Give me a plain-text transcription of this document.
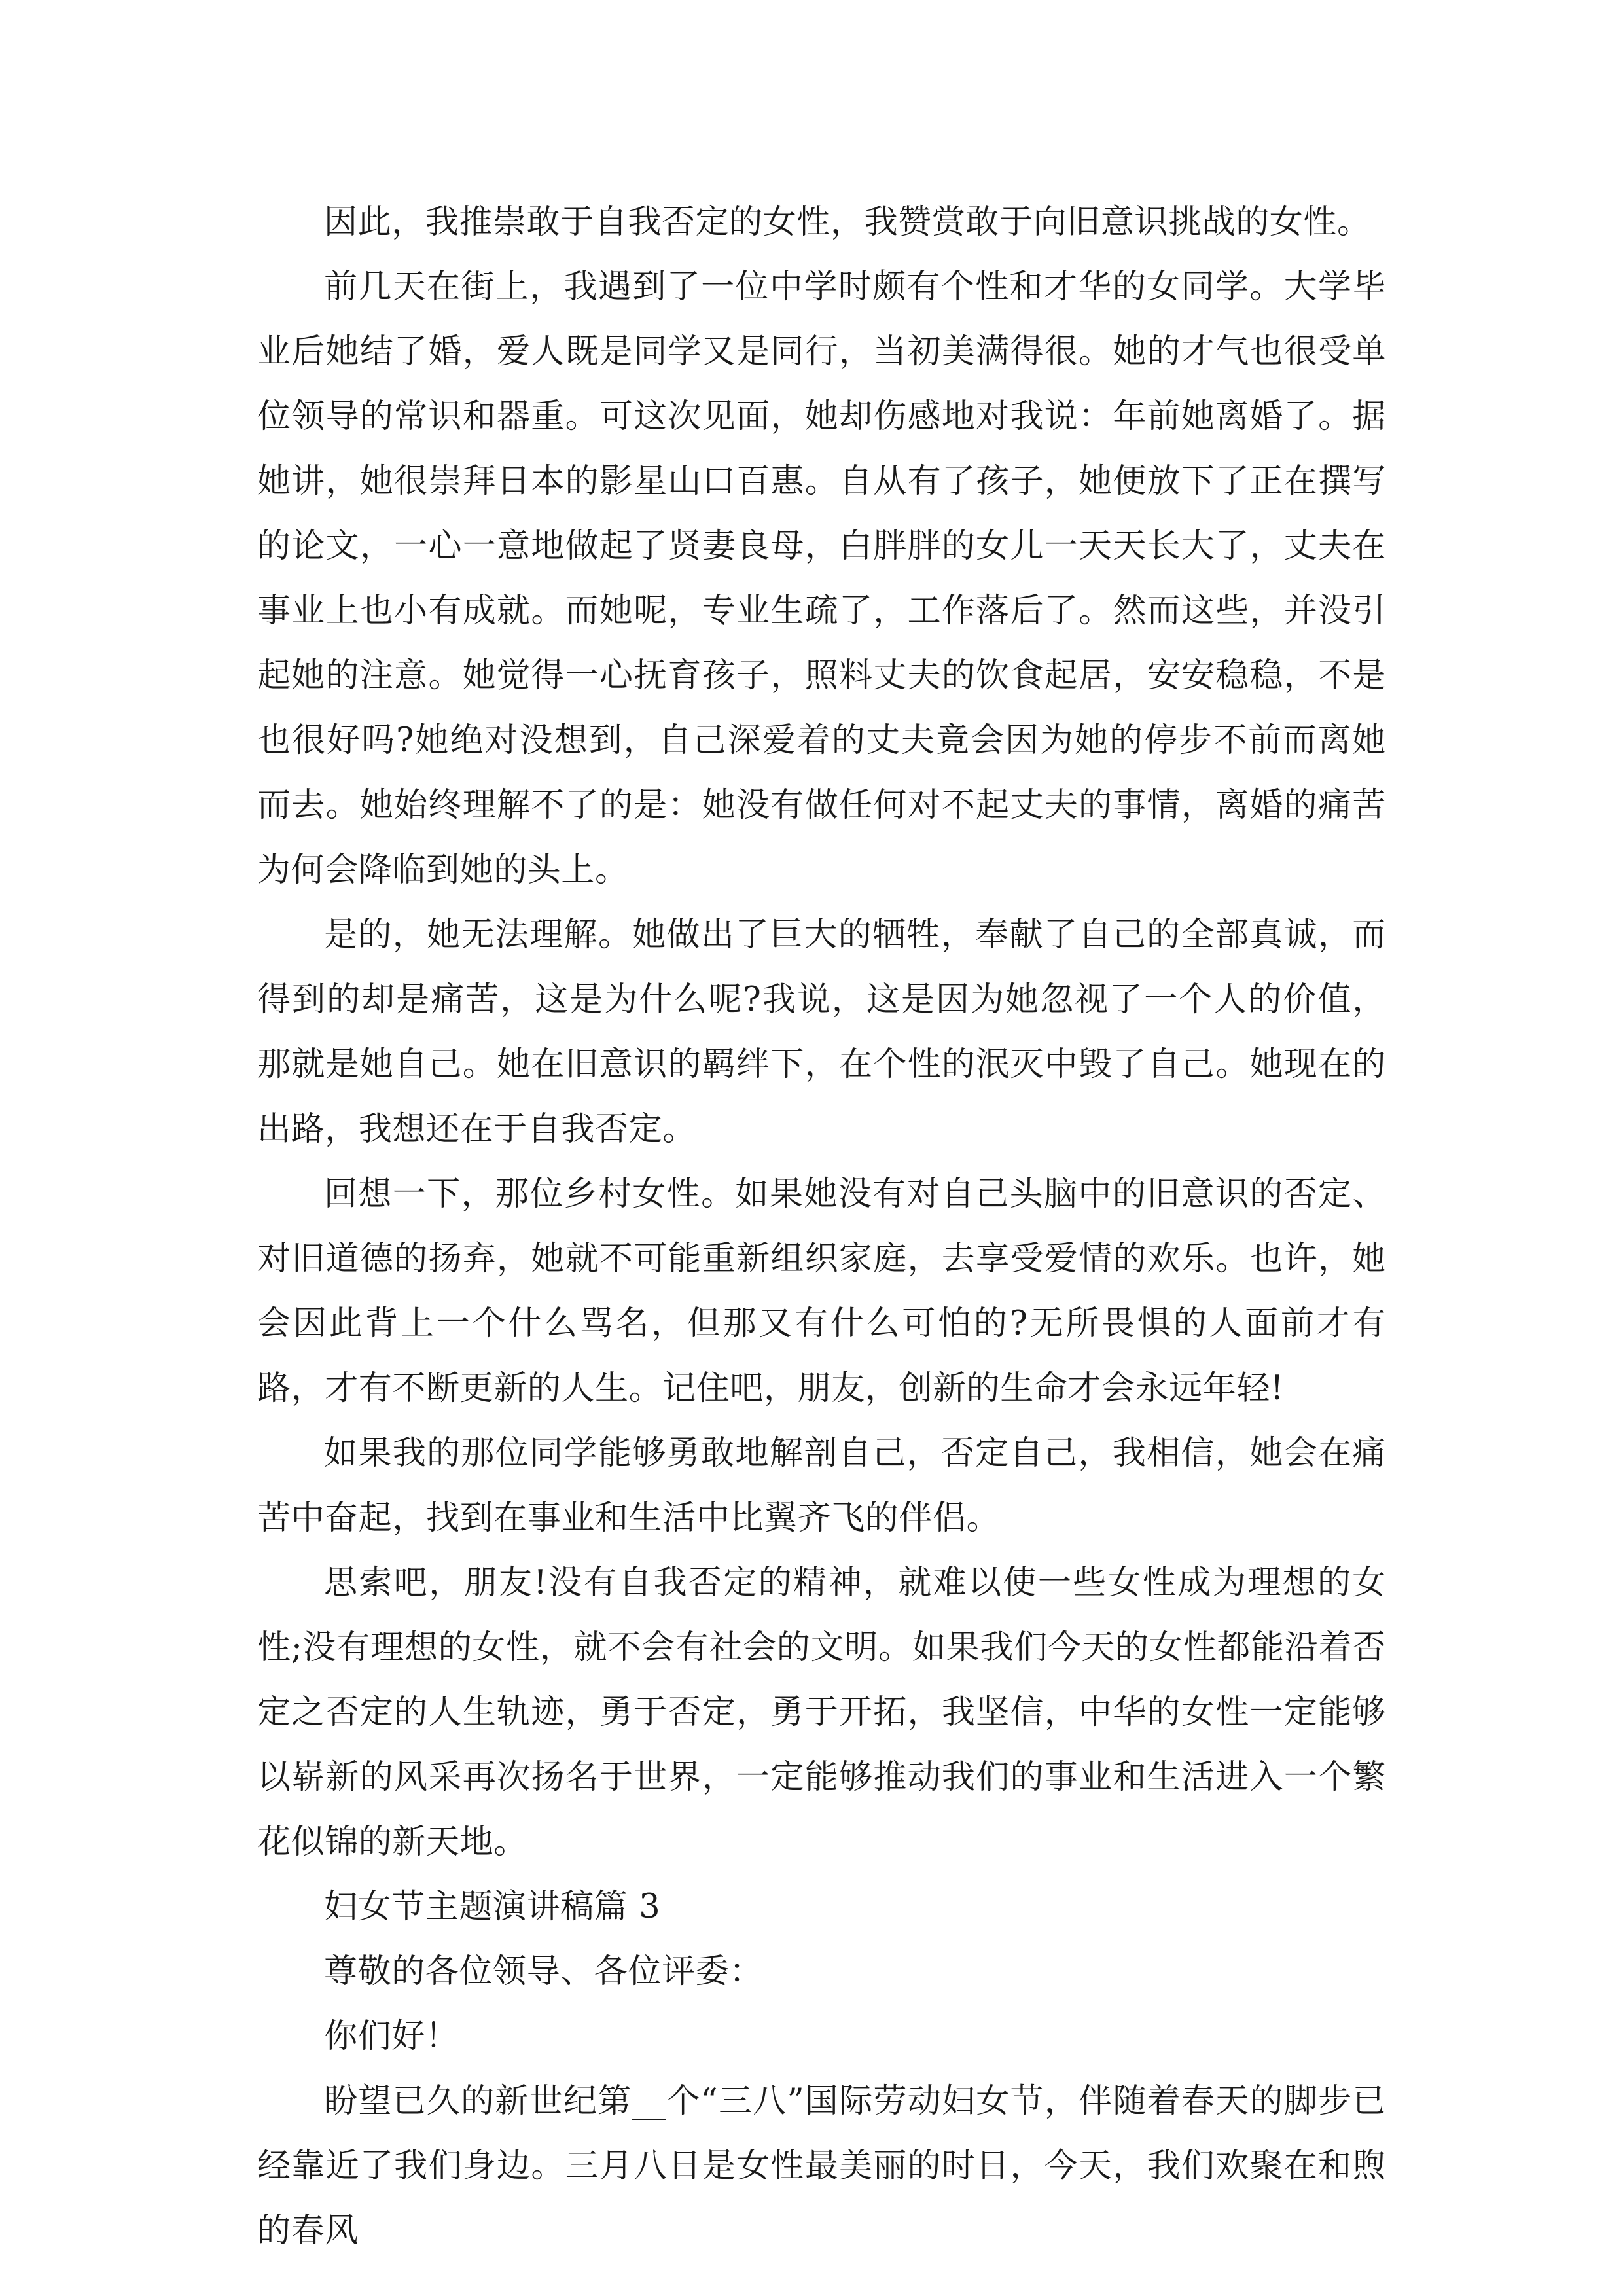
因此，我推崇敢于自我否定的女性，我赞赏敢于向旧意识挑战的女性。

前几天在街上，我遇到了一位中学时颇有个性和才华的女同学。大学毕业后她结了婚，爱人既是同学又是同行，当初美满得很。她的才气也很受单位领导的常识和器重。可这次见面，她却伤感地对我说：年前她离婚了。据她讲，她很崇拜日本的影星山口百惠。自从有了孩子，她便放下了正在撰写的论文，一心一意地做起了贤妻良母，白胖胖的女儿一天天长大了，丈夫在事业上也小有成就。而她呢，专业生疏了，工作落后了。然而这些，并没引起她的注意。她觉得一心抚育孩子，照料丈夫的饮食起居，安安稳稳，不是也很好吗?她绝对没想到，自己深爱着的丈夫竟会因为她的停步不前而离她而去。她始终理解不了的是：她没有做任何对不起丈夫的事情，离婚的痛苦为何会降临到她的头上。

是的，她无法理解。她做出了巨大的牺牲，奉献了自己的全部真诚，而得到的却是痛苦，这是为什么呢?我说，这是因为她忽视了一个人的价值，那就是她自己。她在旧意识的羁绊下，在个性的泯灭中毁了自己。她现在的出路，我想还在于自我否定。

回想一下，那位乡村女性。如果她没有对自己头脑中的旧意识的否定、对旧道德的扬弃，她就不可能重新组织家庭，去享受爱情的欢乐。也许，她会因此背上一个什么骂名，但那又有什么可怕的?无所畏惧的人面前才有路，才有不断更新的人生。记住吧，朋友，创新的生命才会永远年轻!

如果我的那位同学能够勇敢地解剖自己，否定自己，我相信，她会在痛苦中奋起，找到在事业和生活中比翼齐飞的伴侣。

思索吧，朋友!没有自我否定的精神，就难以使一些女性成为理想的女性;没有理想的女性，就不会有社会的文明。如果我们今天的女性都能沿着否定之否定的人生轨迹，勇于否定，勇于开拓，我坚信，中华的女性一定能够以崭新的风采再次扬名于世界，一定能够推动我们的事业和生活进入一个繁花似锦的新天地。

妇女节主题演讲稿篇 3

尊敬的各位领导、各位评委：

你们好！

盼望已久的新世纪第__个“三八”国际劳动妇女节，伴随着春天的脚步已经靠近了我们身边。三月八日是女性最美丽的时日，今天，我们欢聚在和煦的春风
